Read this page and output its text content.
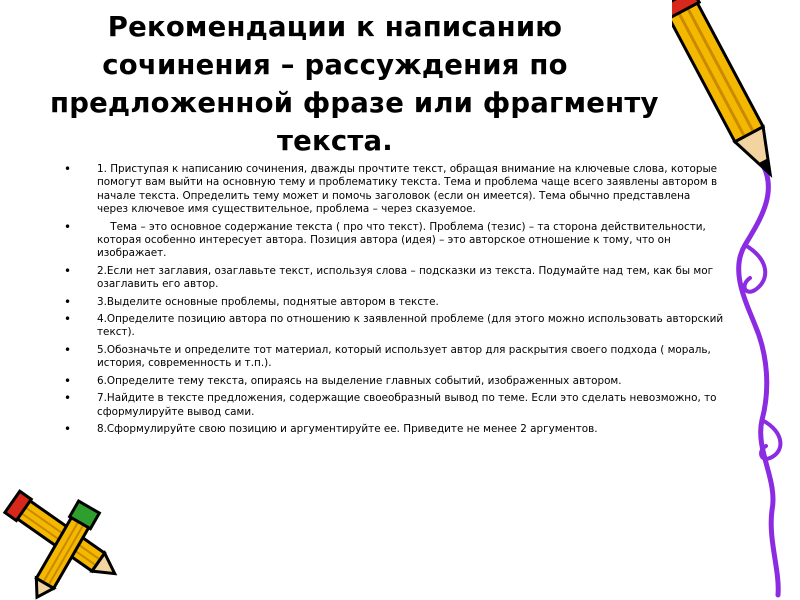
Рекомендации к написанию
сочинения – рассуждения по
предложенной фразе или фрагменту
текста.
• 1. Приступая к написанию сочинения, дважды прочтите текст, обращая внимание на ключевые слова, которые помогут вам выйти на основную тему и проблематику текста. Тема и проблема чаще всего заявлены автором в начале текста. Определить тему может и помочь заголовок (если он имеется). Тема обычно представлена через ключевое имя существительное, проблема – через сказуемое.
• Тема – это основное содержание текста ( про что текст). Проблема (тезис) – та сторона действительности, которая особенно интересует автора. Позиция автора (идея) – это авторское отношение к тому, что он изображает.
• 2.Если нет заглавия, озаглавьте текст, используя слова – подсказки из текста. Подумайте над тем, как бы мог озаглавить его автор.
• 3.Выделите основные проблемы, поднятые автором в тексте.
• 4.Определите позицию автора по отношению к заявленной проблеме (для этого можно использовать авторский текст).
• 5.Обозначьте и определите тот материал, который использует автор для раскрытия своего подхода ( мораль, история, современность и т.п.).
• 6.Определите тему текста, опираясь на выделение главных событий, изображенных автором.
• 7.Найдите в тексте предложения, содержащие своеобразный вывод по теме. Если это сделать невозможно, то сформулируйте вывод сами.
• 8.Сформулируйте свою позицию и аргументируйте ее. Приведите не менее 2 аргументов.
